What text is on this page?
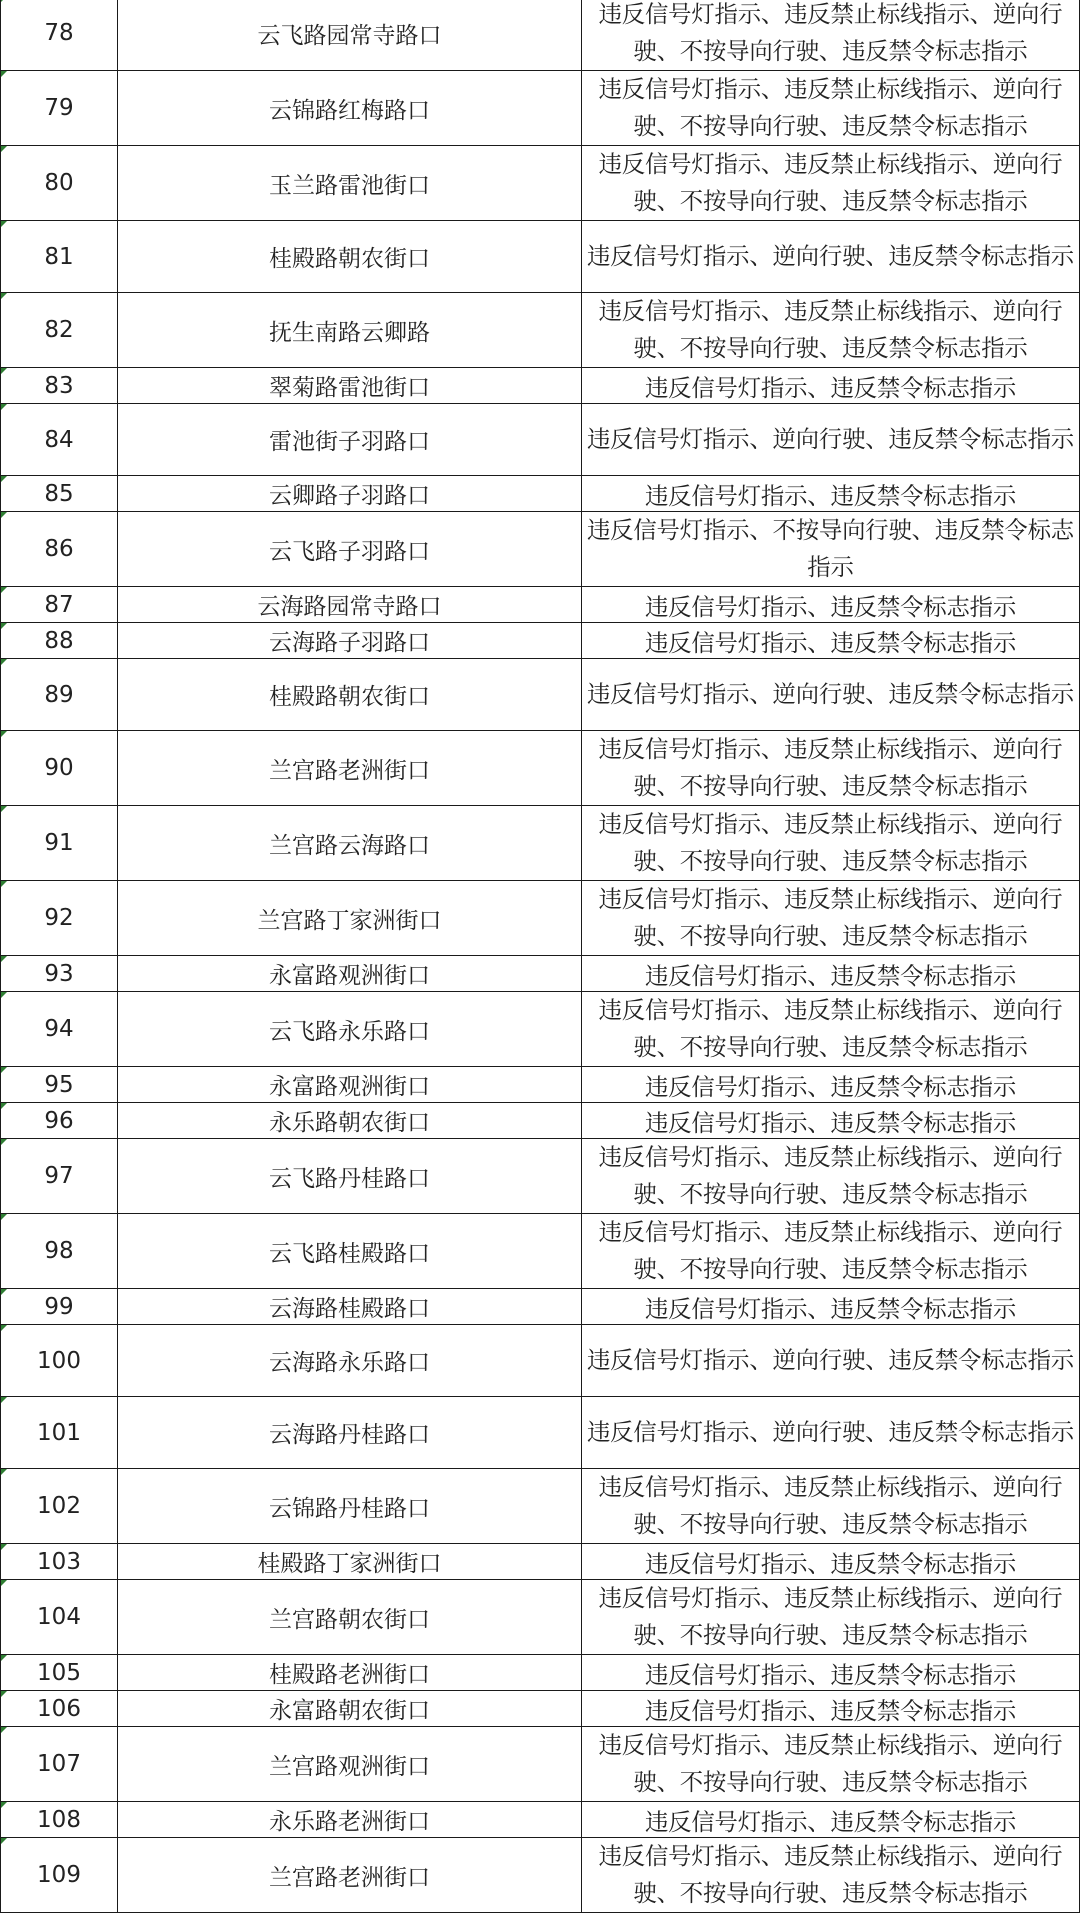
78	云飞路园常寺路口	违反信号灯指示、违反禁止标线指示、逆向行驶、不按导向行驶、违反禁令标志指示
79	云锦路红梅路口	违反信号灯指示、违反禁止标线指示、逆向行驶、不按导向行驶、违反禁令标志指示
80	玉兰路雷池街口	违反信号灯指示、违反禁止标线指示、逆向行驶、不按导向行驶、违反禁令标志指示
81	桂殿路朝农街口	违反信号灯指示、逆向行驶、违反禁令标志指示
82	抚生南路云卿路	违反信号灯指示、违反禁止标线指示、逆向行驶、不按导向行驶、违反禁令标志指示
83	翠菊路雷池街口	违反信号灯指示、违反禁令标志指示
84	雷池街子羽路口	违反信号灯指示、逆向行驶、违反禁令标志指示
85	云卿路子羽路口	违反信号灯指示、违反禁令标志指示
86	云飞路子羽路口	违反信号灯指示、不按导向行驶、违反禁令标志指示
87	云海路园常寺路口	违反信号灯指示、违反禁令标志指示
88	云海路子羽路口	违反信号灯指示、违反禁令标志指示
89	桂殿路朝农街口	违反信号灯指示、逆向行驶、违反禁令标志指示
90	兰宫路老洲街口	违反信号灯指示、违反禁止标线指示、逆向行驶、不按导向行驶、违反禁令标志指示
91	兰宫路云海路口	违反信号灯指示、违反禁止标线指示、逆向行驶、不按导向行驶、违反禁令标志指示
92	兰宫路丁家洲街口	违反信号灯指示、违反禁止标线指示、逆向行驶、不按导向行驶、违反禁令标志指示
93	永富路观洲街口	违反信号灯指示、违反禁令标志指示
94	云飞路永乐路口	违反信号灯指示、违反禁止标线指示、逆向行驶、不按导向行驶、违反禁令标志指示
95	永富路观洲街口	违反信号灯指示、违反禁令标志指示
96	永乐路朝农街口	违反信号灯指示、违反禁令标志指示
97	云飞路丹桂路口	违反信号灯指示、违反禁止标线指示、逆向行驶、不按导向行驶、违反禁令标志指示
98	云飞路桂殿路口	违反信号灯指示、违反禁止标线指示、逆向行驶、不按导向行驶、违反禁令标志指示
99	云海路桂殿路口	违反信号灯指示、违反禁令标志指示
100	云海路永乐路口	违反信号灯指示、逆向行驶、违反禁令标志指示
101	云海路丹桂路口	违反信号灯指示、逆向行驶、违反禁令标志指示
102	云锦路丹桂路口	违反信号灯指示、违反禁止标线指示、逆向行驶、不按导向行驶、违反禁令标志指示
103	桂殿路丁家洲街口	违反信号灯指示、违反禁令标志指示
104	兰宫路朝农街口	违反信号灯指示、违反禁止标线指示、逆向行驶、不按导向行驶、违反禁令标志指示
105	桂殿路老洲街口	违反信号灯指示、违反禁令标志指示
106	永富路朝农街口	违反信号灯指示、违反禁令标志指示
107	兰宫路观洲街口	违反信号灯指示、违反禁止标线指示、逆向行驶、不按导向行驶、违反禁令标志指示
108	永乐路老洲街口	违反信号灯指示、违反禁令标志指示
109	兰宫路老洲街口	违反信号灯指示、违反禁止标线指示、逆向行驶、不按导向行驶、违反禁令标志指示
